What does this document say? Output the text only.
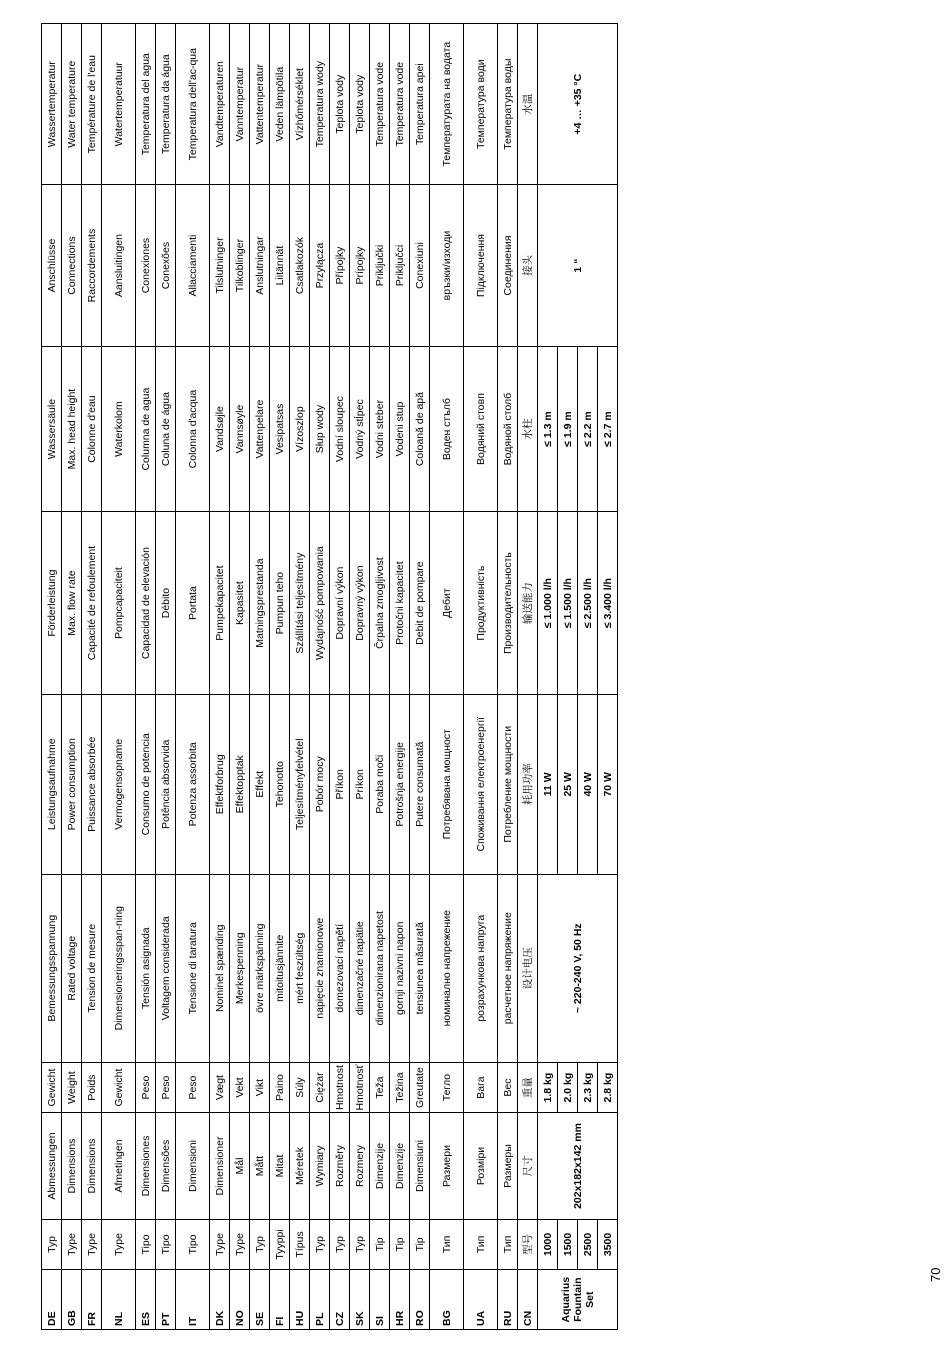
DE	Typ	Abmessungen	Gewicht	Bemessungsspannung	Leistungsaufnahme	Förderleistung	Wassersäule	Anschlüsse	Wassertemperatur
GB	Type	Dimensions	Weight	Rated voltage	Power consumption	Max. flow rate	Max. head height	Connections	Water temperature
FR	Type	Dimensions	Poids	Tension de mesure	Puissance absorbée	Capacité de refoulement	Colonne d'eau	Raccordements	Température de l'eau
NL	Type	Afmetingen	Gewicht	Dimensioneringsspan-ning	Vermogensopname	Pompcapaciteit	Waterkolom	Aansluitingen	Watertemperatuur
ES	Tipo	Dimensiones	Peso	Tensión asignada	Consumo de potencia	Capacidad de elevación	Columna de agua	Conexiones	Temperatura del agua
PT	Tipo	Dimensões	Peso	Voltagem considerada	Potência absorvida	Débito	Coluna de água	Conexões	Temperatura da água
IT	Tipo	Dimensioni	Peso	Tensione di taratura	Potenza assorbita	Portata	Colonna d'acqua	Allacciamenti	Temperatura dell'ac-qua
DK	Type	Dimensioner	Vægt	Nominel spænding	Effektforbrug	Pumpekapacitet	Vandsøjle	Tilslutninger	Vandtemperaturen
NO	Type	Mål	Vekt	Merkespenning	Effektopptak	Kapasitet	Vannsøyle	Tilkoblinger	Vanntemperatur
SE	Typ	Mått	Vikt	övre märkspänning	Effekt	Matningsprestanda	Vattenpelare	Anslutningar	Vattentemperatur
FI	Tyyppi	Mitat	Paino	mitoitusjännite	Tehonotto	Pumpun teho	Vesipatsas	Liitännät	Veden lämpötila
HU	Típus	Méretek	Súly	mért feszültség	Teljesítményfelvétel	Szállítási teljesítmény	Vízoszlop	Csatlakozók	Vízhőmérséklet
PL	Typ	Wymiary	Ciężar	napięcie znamionowe	Pobór mocy	Wydajność pompowania	Słup wody	Przyłącza	Temperatura wody
CZ	Typ	Rozměry	Hmotnost	domezovací napětí	Příkon	Dopravní výkon	Vodní sloupec	Přípojky	Teplota vody
SK	Typ	Rozmery	Hmotnosť	dimenzačné napätie	Príkon	Dopravný výkon	Vodný stĺpec	Prípojky	Teplota vody
SI	Tip	Dimenzije	Teža	dimenzionirana napetost	Poraba moči	Črpalna zmogljivost	Vodni steber	Priključki	Temperatura vode
HR	Tip	Dimenzije	Težina	gornji nazivni napon	Potrošnja energije	Protočni kapacitet	Vodeni stup	Priključci	Temperatura vode
RO	Tip	Dimensiuni	Greutate	tensiunea măsurată	Putere consumată	Debit de pompare	Coloană de apă	Conexiuni	Temperatura apei
BG	Тип	Размери	Тегло	номинално напрежение	Потребявана мощност	Дебит	Воден стълб	връзки/изходи	Температурата на водата
UA	Тип	Розміри	Вага	розрахункова напруга	Споживання електроенергії	Продуктивність	Водяний стовп	Підключення	Температура води
RU	Тип	Размеры	Вес	расчетное напряжение	Потребление мощности	Производительность	Водяной столб	Соединения	Температура воды
CN	型号	尺寸	重量	设计电压	耗用功率	输送能力	水柱	接头	水温
Aquarius Fountain Set	1000	202x182x142 mm	1.8 kg	~ 220-240 V, 50 Hz	11 W	≤ 1.000 l/h	≤ 1.3 m	1 “	+4 … +35 °C
	1500		2.0 kg		25 W	≤ 1.500 l/h	≤ 1.9 m		
	2500		2.3 kg		40 W	≤ 2.500 l/h	≤ 2.2 m		
	3500		2.8 kg		70 W	≤ 3.400 l/h	≤ 2.7 m		
70
